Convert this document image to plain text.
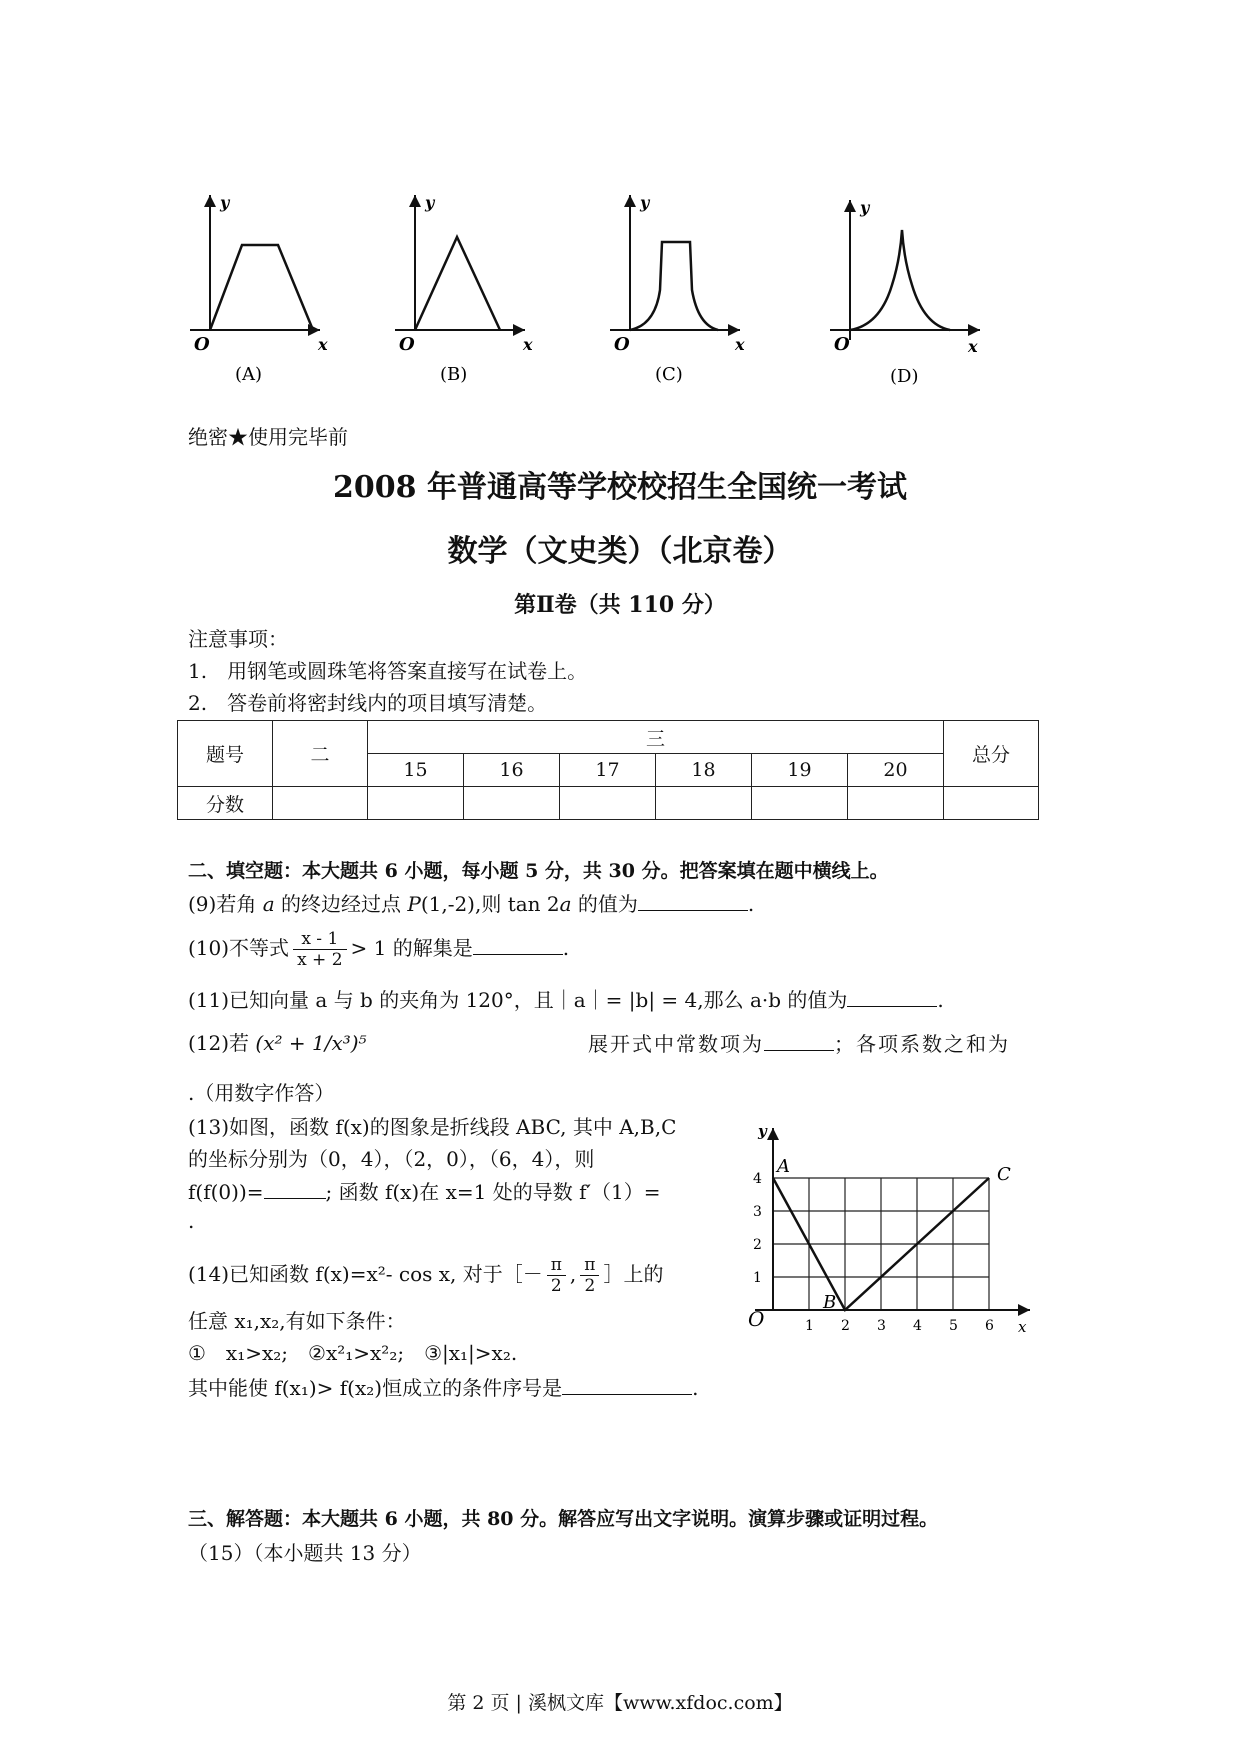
y
x
O
(A)
y
x
O
(B)
y
x
O
(C)
y
x
O
(D)
绝密★使用完毕前
2008 年普通高等学校校招生全国统一考试
数学（文史类）（北京卷）
第Ⅱ卷（共 110 分）
注意事项：
1.　用钢笔或圆珠笔将答案直接写在试卷上。
2.　答卷前将密封线内的项目填写清楚。
题号	二	三						总分
		15	16	17	18	19	20	
分数								
二、填空题：本大题共 6 小题，每小题 5 分，共 30 分。把答案填在题中横线上。
(9)若角 a 的终边经过点 P(1,-2),则 tan 2a 的值为	.
(10)不等式 $\frac{x - 1}{x + 2} > 1$ 的解集是	.
(11)已知向量 a 与 b 的夹角为 120°，且｜a｜= |b| = 4,那么 a·b 的值为	.
(12)若 (x² + 1/x³)⁵	展开式中常数项为	；各项系数之和为
.（用数字作答）
(13)如图，函数 f(x)的图象是折线段 ABC, 其中 A,B,C
的坐标分别为（0，4），（2，0），（6，4），则
f(f(0))=	; 函数 f(x)在 x=1 处的导数 f′（1）=
.
(14)已知函数 f(x)=x²- cos x, 对于［－ $\frac{\pi}{2}$ , $\frac{\pi}{2}$ ］上的
任意 x₁,x₂,有如下条件：
①　x₁>x₂;　②x²₁>x²₂;　③|x₁|>x₂.
其中能使 f(x₁)> f(x₂)恒成立的条件序号是	.
1 2 3 4 5 6
1
2
3
4
y
x
O
A
B
C
三、解答题：本大题共 6 小题，共 80 分。解答应写出文字说明。演算步骤或证明过程。
（15）（本小题共 13 分）
第 2 页 | 溪枫文库【www.xfdoc.com】
